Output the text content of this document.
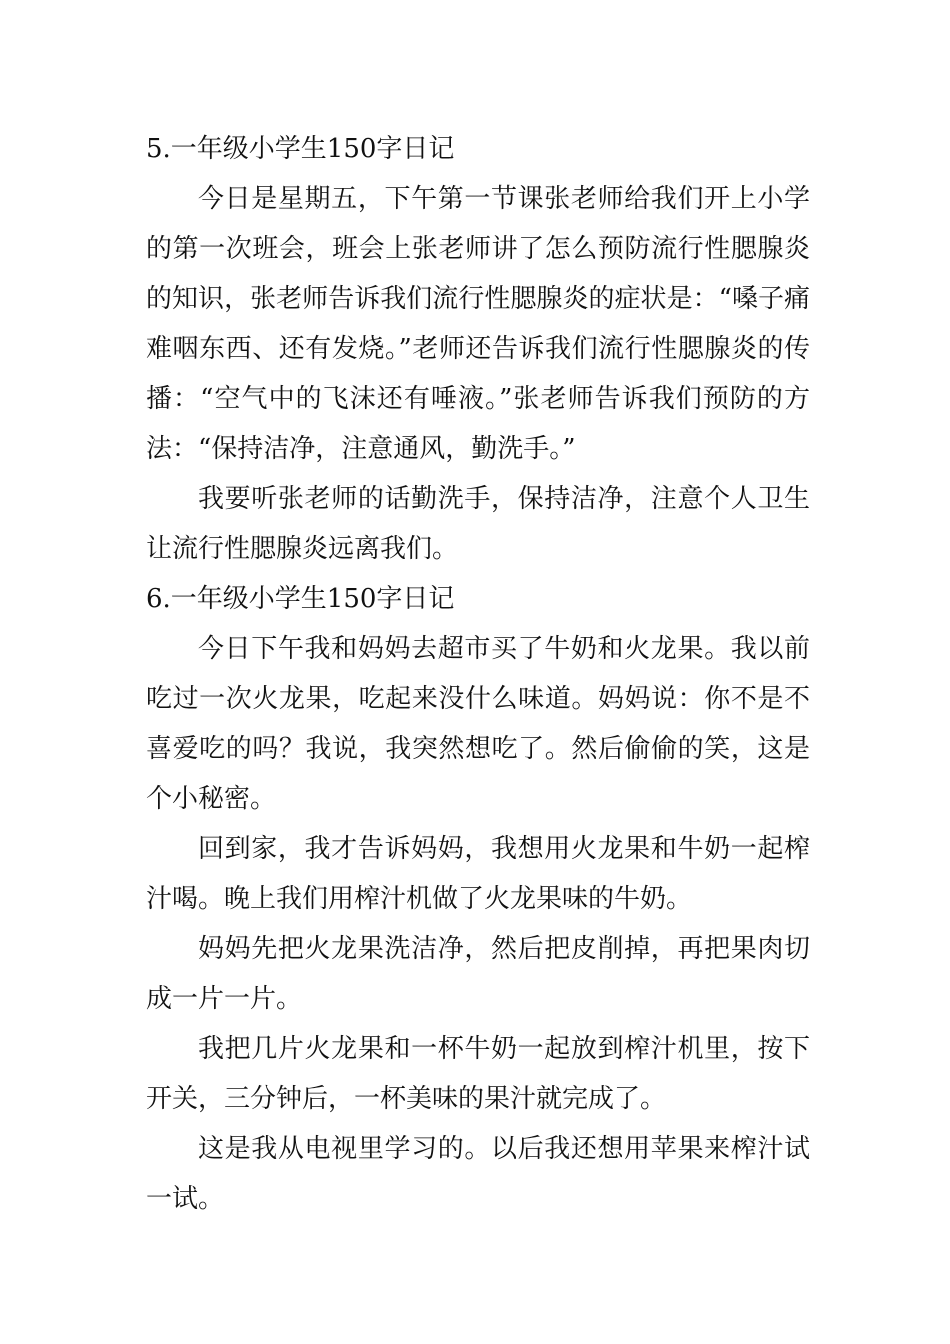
5.一年级小学生150字日记

今日是星期五，下午第一节课张老师给我们开上小学的第一次班会，班会上张老师讲了怎么预防流行性腮腺炎的知识，张老师告诉我们流行性腮腺炎的症状是：“嗓子痛难咽东西、还有发烧。”老师还告诉我们流行性腮腺炎的传播：“空气中的飞沫还有唾液。”张老师告诉我们预防的方法：“保持洁净，注意通风，勤洗手。”

我要听张老师的话勤洗手，保持洁净，注意个人卫生让流行性腮腺炎远离我们。

6.一年级小学生150字日记

今日下午我和妈妈去超市买了牛奶和火龙果。我以前吃过一次火龙果，吃起来没什么味道。妈妈说：你不是不喜爱吃的吗？我说，我突然想吃了。然后偷偷的笑，这是个小秘密。

回到家，我才告诉妈妈，我想用火龙果和牛奶一起榨汁喝。晚上我们用榨汁机做了火龙果味的牛奶。

妈妈先把火龙果洗洁净，然后把皮削掉，再把果肉切成一片一片。

我把几片火龙果和一杯牛奶一起放到榨汁机里，按下开关，三分钟后，一杯美味的果汁就完成了。

这是我从电视里学习的。以后我还想用苹果来榨汁试一试。
